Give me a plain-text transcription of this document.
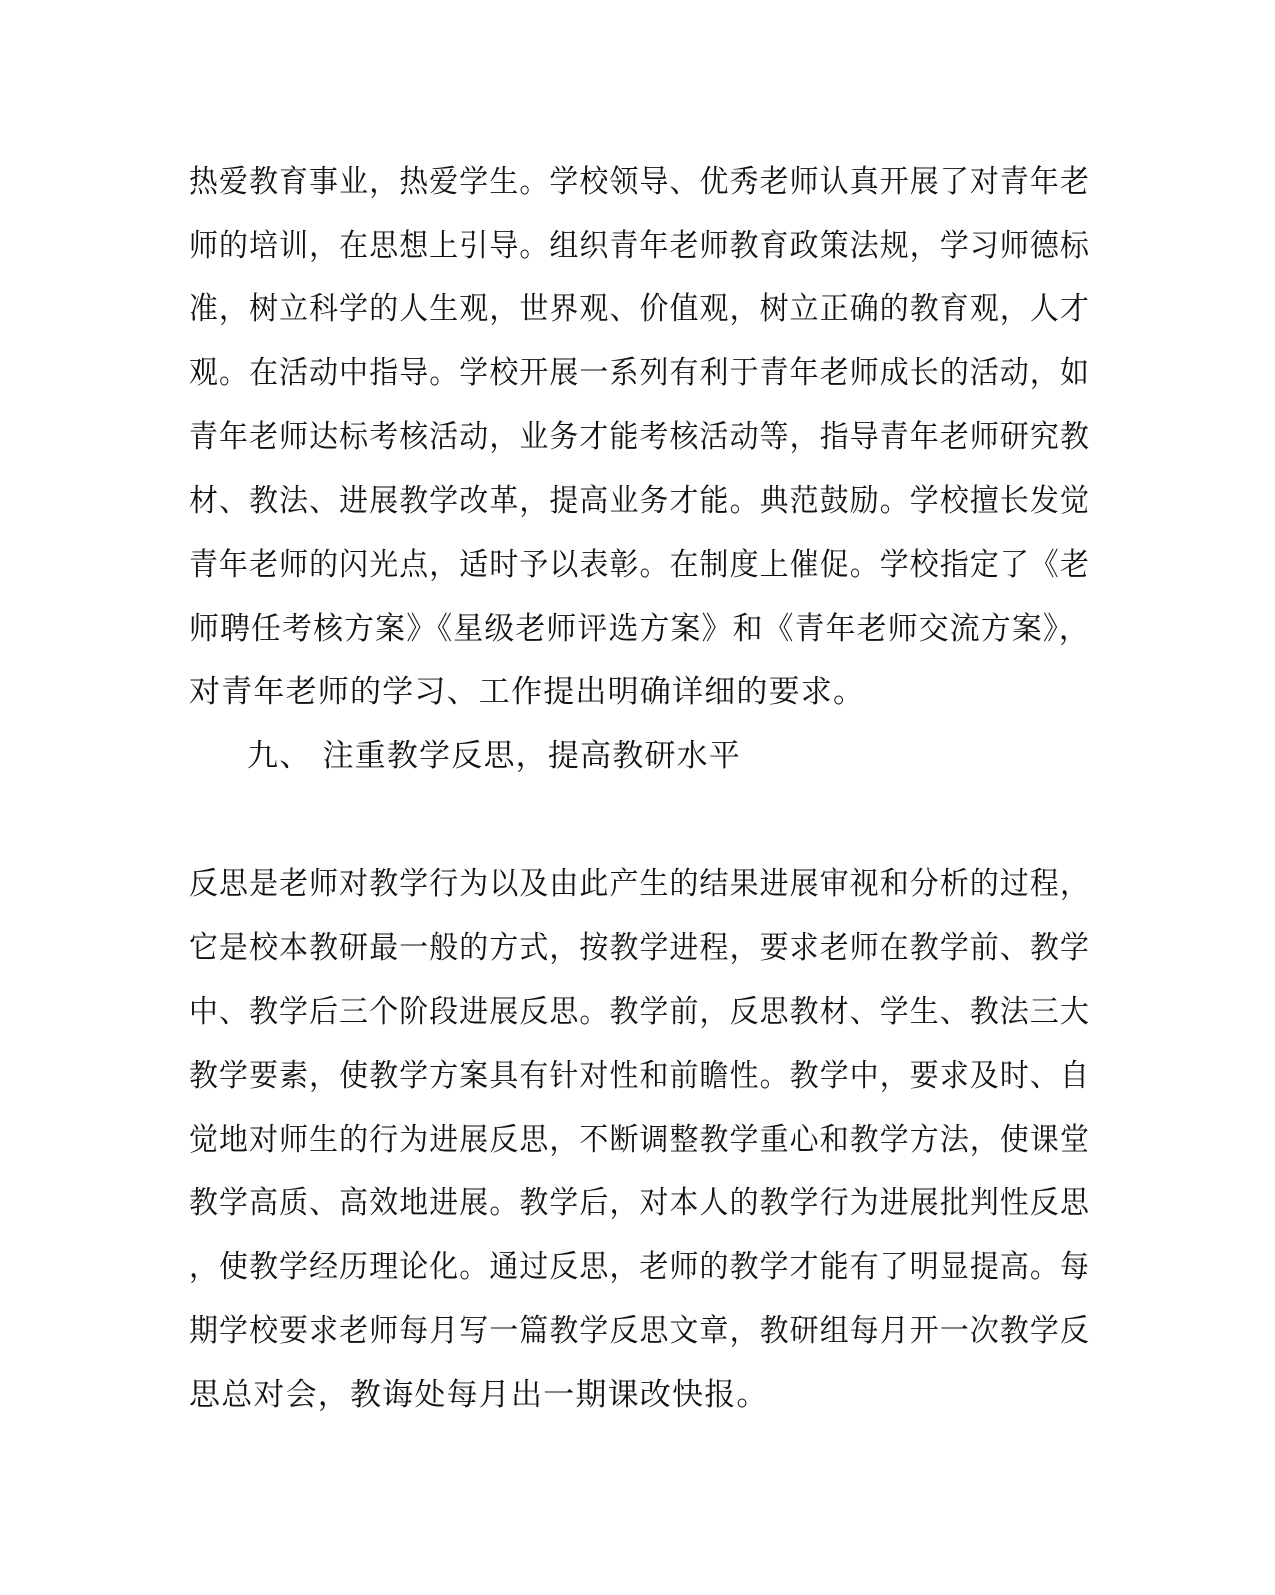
热爱教育事业，热爱学生。学校领导、优秀老师认真开展了对青年老
师的培训，在思想上引导。组织青年老师教育政策法规，学习师德标
准，树立科学的人生观，世界观、价值观，树立正确的教育观，人才
观。在活动中指导。学校开展一系列有利于青年老师成长的活动，如
青年老师达标考核活动，业务才能考核活动等，指导青年老师研究教
材、教法、进展教学改革，提高业务才能。典范鼓励。学校擅长发觉
青年老师的闪光点，适时予以表彰。在制度上催促。学校指定了《老
师聘任考核方案》《星级老师评选方案》和《青年老师交流方案》，
对青年老师的学习、工作提出明确详细的要求。
九、 注重教学反思，提高教研水平
反思是老师对教学行为以及由此产生的结果进展审视和分析的过程，
它是校本教研最一般的方式，按教学进程，要求老师在教学前、教学
中、教学后三个阶段进展反思。教学前，反思教材、学生、教法三大
教学要素，使教学方案具有针对性和前瞻性。教学中，要求及时、自
觉地对师生的行为进展反思，不断调整教学重心和教学方法，使课堂
教学高质、高效地进展。教学后，对本人的教学行为进展批判性反思
，使教学经历理论化。通过反思，老师的教学才能有了明显提高。每
期学校要求老师每月写一篇教学反思文章，教研组每月开一次教学反
思总对会，教诲处每月出一期课改快报。
